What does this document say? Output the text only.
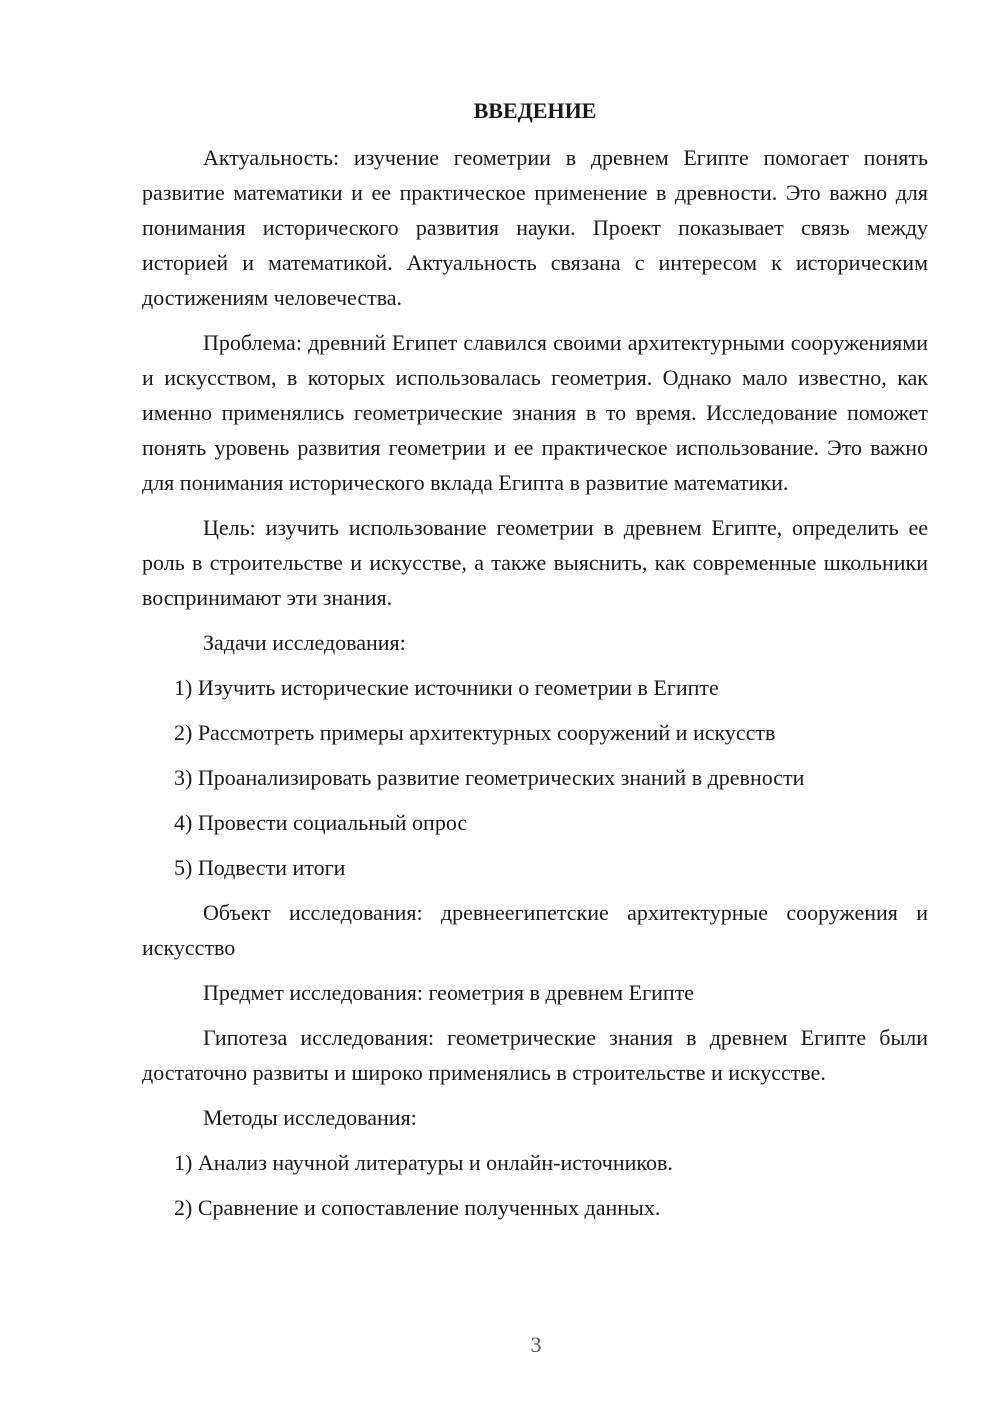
ВВЕДЕНИЕ

Актуальность: изучение геометрии в древнем Египте помогает понять развитие математики и ее практическое применение в древности. Это важно для понимания исторического развития науки. Проект показывает связь между историей и математикой. Актуальность связана с интересом к историческим достижениям человечества.

Проблема: древний Египет славился своими архитектурными сооружениями и искусством, в которых использовалась геометрия. Однако мало известно, как именно применялись геометрические знания в то время. Исследование поможет понять уровень развития геометрии и ее практическое использование. Это важно для понимания исторического вклада Египта в развитие математики.

Цель: изучить использование геометрии в древнем Египте, определить ее роль в строительстве и искусстве, а также выяснить, как современные школьники воспринимают эти знания.

Задачи исследования:

1) Изучить исторические источники о геометрии в Египте
2) Рассмотреть примеры архитектурных сооружений и искусств
3) Проанализировать развитие геометрических знаний в древности
4) Провести социальный опрос
5) Подвести итоги

Объект исследования: древнеегипетские архитектурные сооружения и искусство

Предмет исследования: геометрия в древнем Египте

Гипотеза исследования: геометрические знания в древнем Египте были достаточно развиты и широко применялись в строительстве и искусстве.

Методы исследования:

1) Анализ научной литературы и онлайн-источников.
2) Сравнение и сопоставление полученных данных.
3
